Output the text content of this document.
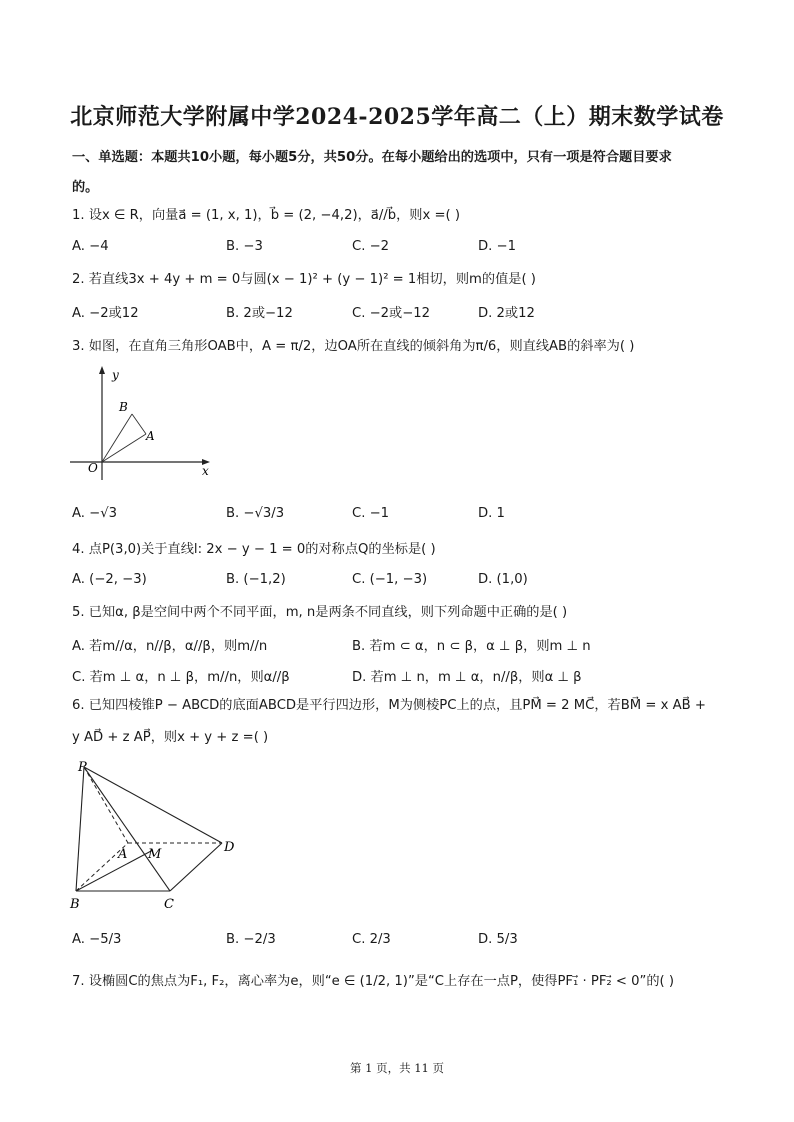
北京师范大学附属中学2024-2025学年高二（上）期末数学试卷
一、单选题：本题共10小题，每小题5分，共50分。在每小题给出的选项中，只有一项是符合题目要求
的。
1. 设x ∈ R，向量a⃗ = (1, x, 1)，b⃗ = (2, −4,2)，a⃗//b⃗，则x =( )
A. −4	B. −3	C. −2	D. −1
2. 若直线3x + 4y + m = 0与圆(x − 1)² + (y − 1)² = 1相切，则m的值是( )
A. −2或12	B. 2或−12	C. −2或−12	D. 2或12
3. 如图，在直角三角形OAB中，A = π/2，边OA所在直线的倾斜角为π/6，则直线AB的斜率为( )
y
x
O
A
B
A. −√3	B. −√3/3	C. −1	D. 1
4. 点P(3,0)关于直线l: 2x − y − 1 = 0的对称点Q的坐标是( )
A. (−2, −3)	B. (−1,2)	C. (−1, −3)	D. (1,0)
5. 已知α, β是空间中两个不同平面，m, n是两条不同直线，则下列命题中正确的是( )
A. 若m//α，n//β，α//β，则m//n	B. 若m ⊂ α，n ⊂ β，α ⊥ β，则m ⊥ n
C. 若m ⊥ α，n ⊥ β，m//n，则α//β	D. 若m ⊥ n，m ⊥ α，n//β，则α ⊥ β
6. 已知四棱锥P − ABCD的底面ABCD是平行四边形，M为侧棱PC上的点，且PM⃗ = 2 MC⃗，若BM⃗ = x AB⃗ +
y AD⃗ + z AP⃗，则x + y + z =( )
P
A M	D
B	C
A. −5/3	B. −2/3	C. 2/3	D. 5/3
7. 设椭圆C的焦点为F₁, F₂，离心率为e，则“e ∈ (1/2, 1)”是“C上存在一点P，使得PF₁⃗ · PF₂⃗ < 0”的( )
第 1 页，共 11 页
